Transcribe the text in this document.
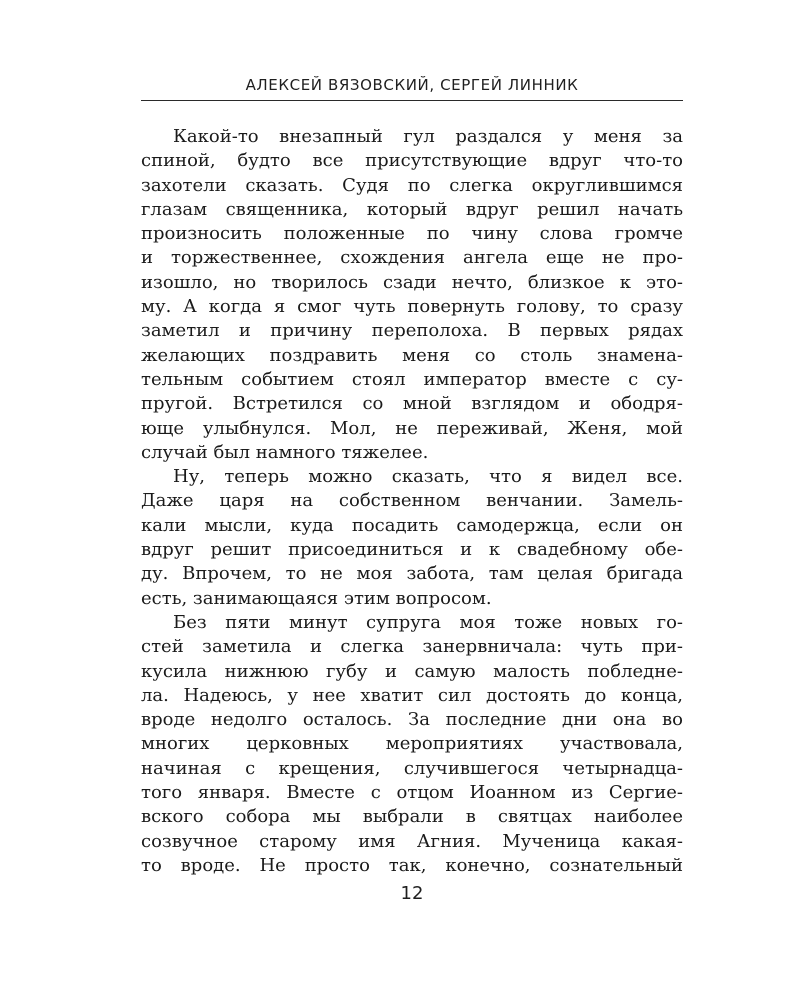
АЛЕКСЕЙ ВЯЗОВСКИЙ, СЕРГЕЙ ЛИННИК
Какой-то внезапный гул раздался у меня за
спиной, будто все присутствующие вдруг что-то
захотели сказать. Судя по слегка округлившимся
глазам священника, который вдруг решил начать
произносить положенные по чину слова громче
и торжественнее, схождения ангела еще не про-
изошло, но творилось сзади нечто, близкое к это-
му. А когда я смог чуть повернуть голову, то сразу
заметил и причину переполоха. В первых рядах
желающих поздравить меня со столь знамена-
тельным событием стоял император вместе с су-
пругой. Встретился со мной взглядом и ободря-
юще улыбнулся. Мол, не переживай, Женя, мой
случай был намного тяжелее.
Ну, теперь можно сказать, что я видел все.
Даже царя на собственном венчании. Замель-
кали мысли, куда посадить самодержца, если он
вдруг решит присоединиться и к свадебному обе-
ду. Впрочем, то не моя забота, там целая бригада
есть, занимающаяся этим вопросом.
Без пяти минут супруга моя тоже новых го-
стей заметила и слегка занервничала: чуть при-
кусила нижнюю губу и самую малость побледне-
ла. Надеюсь, у нее хватит сил достоять до конца,
вроде недолго осталось. За последние дни она во
многих церковных мероприятиях участвовала,
начиная с крещения, случившегося четырнадца-
того января. Вместе с отцом Иоанном из Сергие-
вского собора мы выбрали в святцах наиболее
созвучное старому имя Агния. Мученица какая-
то вроде. Не просто так, конечно, сознательный
12
